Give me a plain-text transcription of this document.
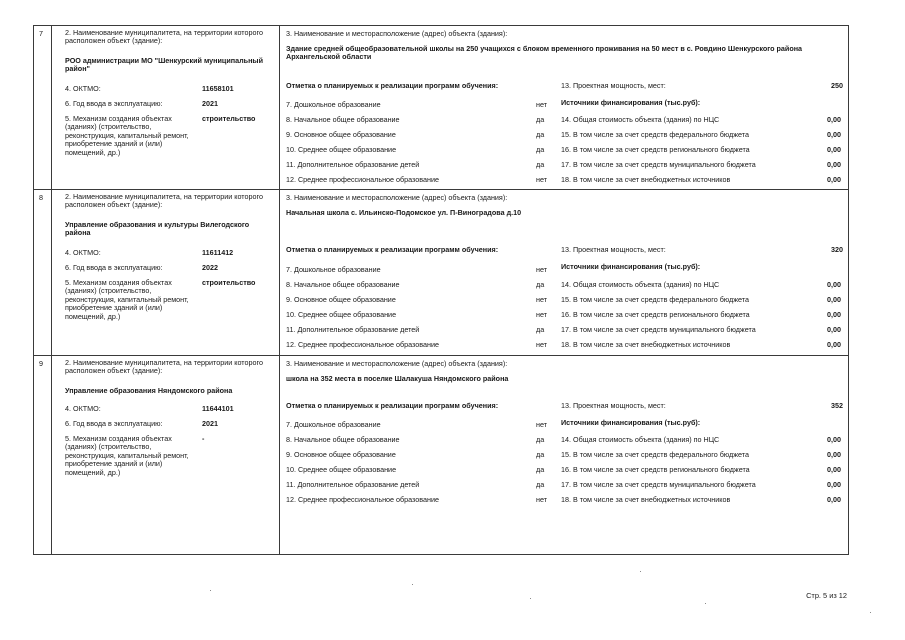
7	2. Наименование муниципалитета, на территории которого расположен объект (здание):
РОО администрации МО "Шенкурский муниципальный район"
4. ОКТМО:	11658101
6. Год ввода в эксплуатацию:	2021
5. Механизм создания объектах (зданиях) (строительство, реконструкция, капитальный ремонт, приобретение зданий и (или) помещений, др.)
строительство
3. Наименование и месторасположение (адрес) объекта (здания):
Здание средней общеобразовательной школы на 250 учащихся с блоком временного проживания на 50 мест в с. Ровдино Шенкурского района Архангельской области
Отметка о планируемых к реализации программ обучения:
7. Дошкольное образование	нет
8. Начальное общее образование	да
9. Основное общее образование	да
10. Среднее общее образование	да
11. Дополнительное образование детей	да
12. Среднее профессиональное образование	нет
13. Проектная мощность, мест:	250
Источники финансирования (тыс.руб):
14. Общая стоимость объекта (здания) по НЦС	0,00
15. В том числе за счет средств федерального бюджета	0,00
16. В том числе за счет средств регионального бюджета	0,00
17. В том числе за счет средств муниципального бюджета	0,00
18. В том числе за счет внебюджетных источников	0,00
8	2. Наименование муниципалитета, на территории которого расположен объект (здание):
Управление образования и культуры Вилегодского района
4. ОКТМО:	11611412
6. Год ввода в эксплуатацию:	2022
5. Механизм создания объектах (зданиях) (строительство, реконструкция, капитальный ремонт, приобретение зданий и (или) помещений, др.)
строительство
3. Наименование и месторасположение (адрес) объекта (здания):
Начальная школа с. Ильинско-Подомское ул. П-Виноградова д.10
Отметка о планируемых к реализации программ обучения:
7. Дошкольное образование	нет
8. Начальное общее образование	да
9. Основное общее образование	нет
10. Среднее общее образование	нет
11. Дополнительное образование детей	да
12. Среднее профессиональное образование	нет
13. Проектная мощность, мест:	320
Источники финансирования (тыс.руб):
14. Общая стоимость объекта (здания) по НЦС	0,00
15. В том числе за счет средств федерального бюджета	0,00
16. В том числе за счет средств регионального бюджета	0,00
17. В том числе за счет средств муниципального бюджета	0,00
18. В том числе за счет внебюджетных источников	0,00
9	2. Наименование муниципалитета, на территории которого расположен объект (здание):
Управление образования Няндомского района
4. ОКТМО:	11644101
6. Год ввода в эксплуатацию:	2021
5. Механизм создания объектах (зданиях) (строительство, реконструкция, капитальный ремонт, приобретение зданий и (или) помещений, др.)
-
3. Наименование и месторасположение (адрес) объекта (здания):
школа на 352 места в поселке Шалакуша Няндомского района
Отметка о планируемых к реализации программ обучения:
7. Дошкольное образование	нет
8. Начальное общее образование	да
9. Основное общее образование	да
10. Среднее общее образование	да
11. Дополнительное образование детей	да
12. Среднее профессиональное образование	нет
13. Проектная мощность, мест:	352
Источники финансирования (тыс.руб):
14. Общая стоимость объекта (здания) по НЦС	0,00
15. В том числе за счет средств федерального бюджета	0,00
16. В том числе за счет средств регионального бюджета	0,00
17. В том числе за счет средств муниципального бюджета	0,00
18. В том числе за счет внебюджетных источников	0,00
Стр. 5 из 12
